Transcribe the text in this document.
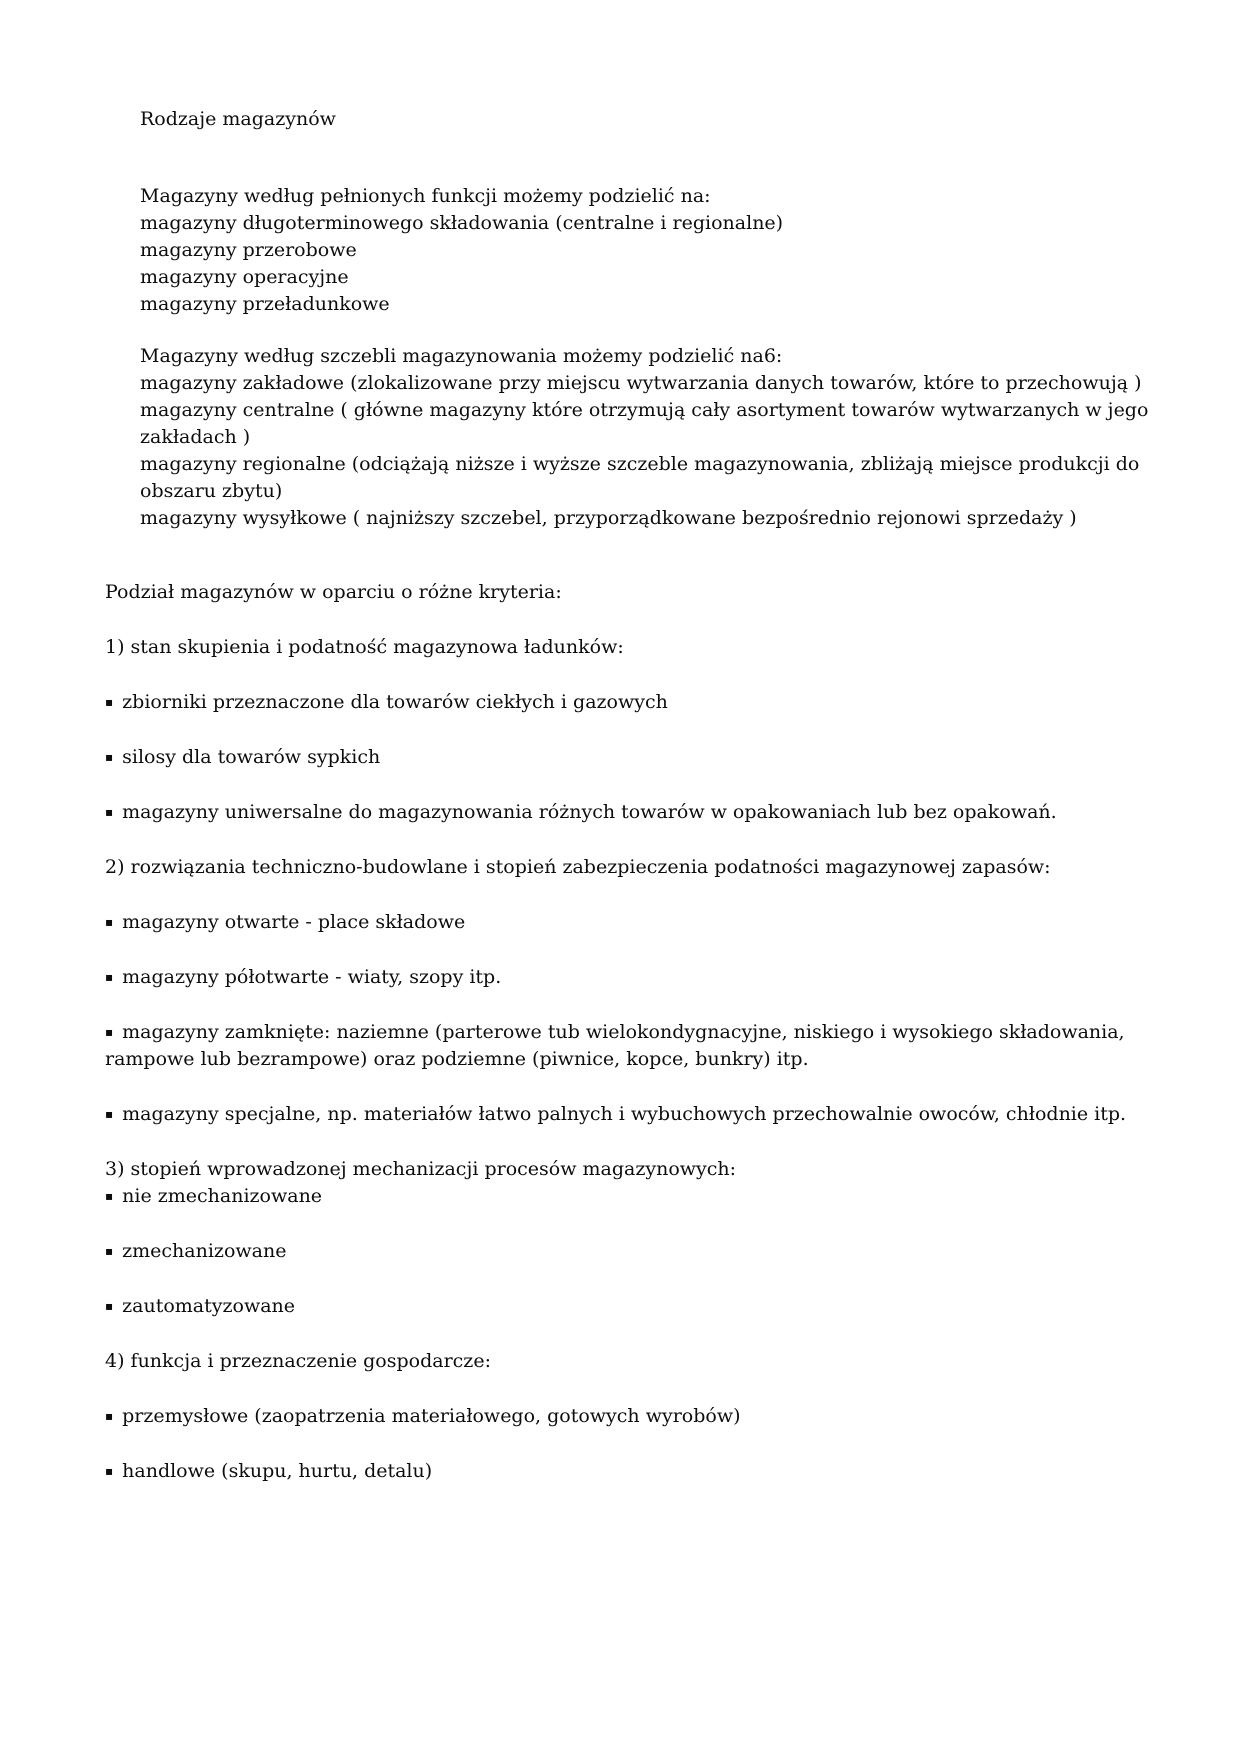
Rodzaje magazynów

Magazyny według pełnionych funkcji możemy podzielić na:

magazyny długoterminowego składowania (centralne i regionalne)

magazyny przerobowe

magazyny operacyjne

magazyny przeładunkowe

Magazyny według szczebli magazynowania możemy podzielić na6:

magazyny zakładowe (zlokalizowane przy miejscu wytwarzania danych towarów, które to przechowują )

magazyny centralne ( główne magazyny które otrzymują cały asortyment towarów wytwarzanych w jego zakładach )

magazyny regionalne (odciążają niższe i wyższe szczeble magazynowania, zbliżają miejsce produkcji do obszaru zbytu)

magazyny wysyłkowe ( najniższy szczebel, przyporządkowane bezpośrednio rejonowi sprzedaży )

Podział magazynów w oparciu o różne kryteria:

1) stan skupienia i podatność magazynowa ładunków:

▪ zbiorniki przeznaczone dla towarów ciekłych i gazowych

▪ silosy dla towarów sypkich

▪ magazyny uniwersalne do magazynowania różnych towarów w opakowaniach lub bez opakowań.

2) rozwiązania techniczno-budowlane i stopień zabezpieczenia podatności magazynowej zapasów:

▪ magazyny otwarte - place składowe

▪ magazyny półotwarte - wiaty, szopy itp.

▪ magazyny zamknięte: naziemne (parterowe tub wielokondygnacyjne, niskiego i wysokiego składowania, rampowe lub bezrampowe) oraz podziemne (piwnice, kopce, bunkry) itp.

▪ magazyny specjalne, np. materiałów łatwo palnych i wybuchowych przechowalnie owoców, chłodnie itp.

3) stopień wprowadzonej mechanizacji procesów magazynowych:

▪ nie zmechanizowane

▪ zmechanizowane

▪ zautomatyzowane

4) funkcja i przeznaczenie gospodarcze:

▪ przemysłowe (zaopatrzenia materiałowego, gotowych wyrobów)

▪ handlowe (skupu, hurtu, detalu)
